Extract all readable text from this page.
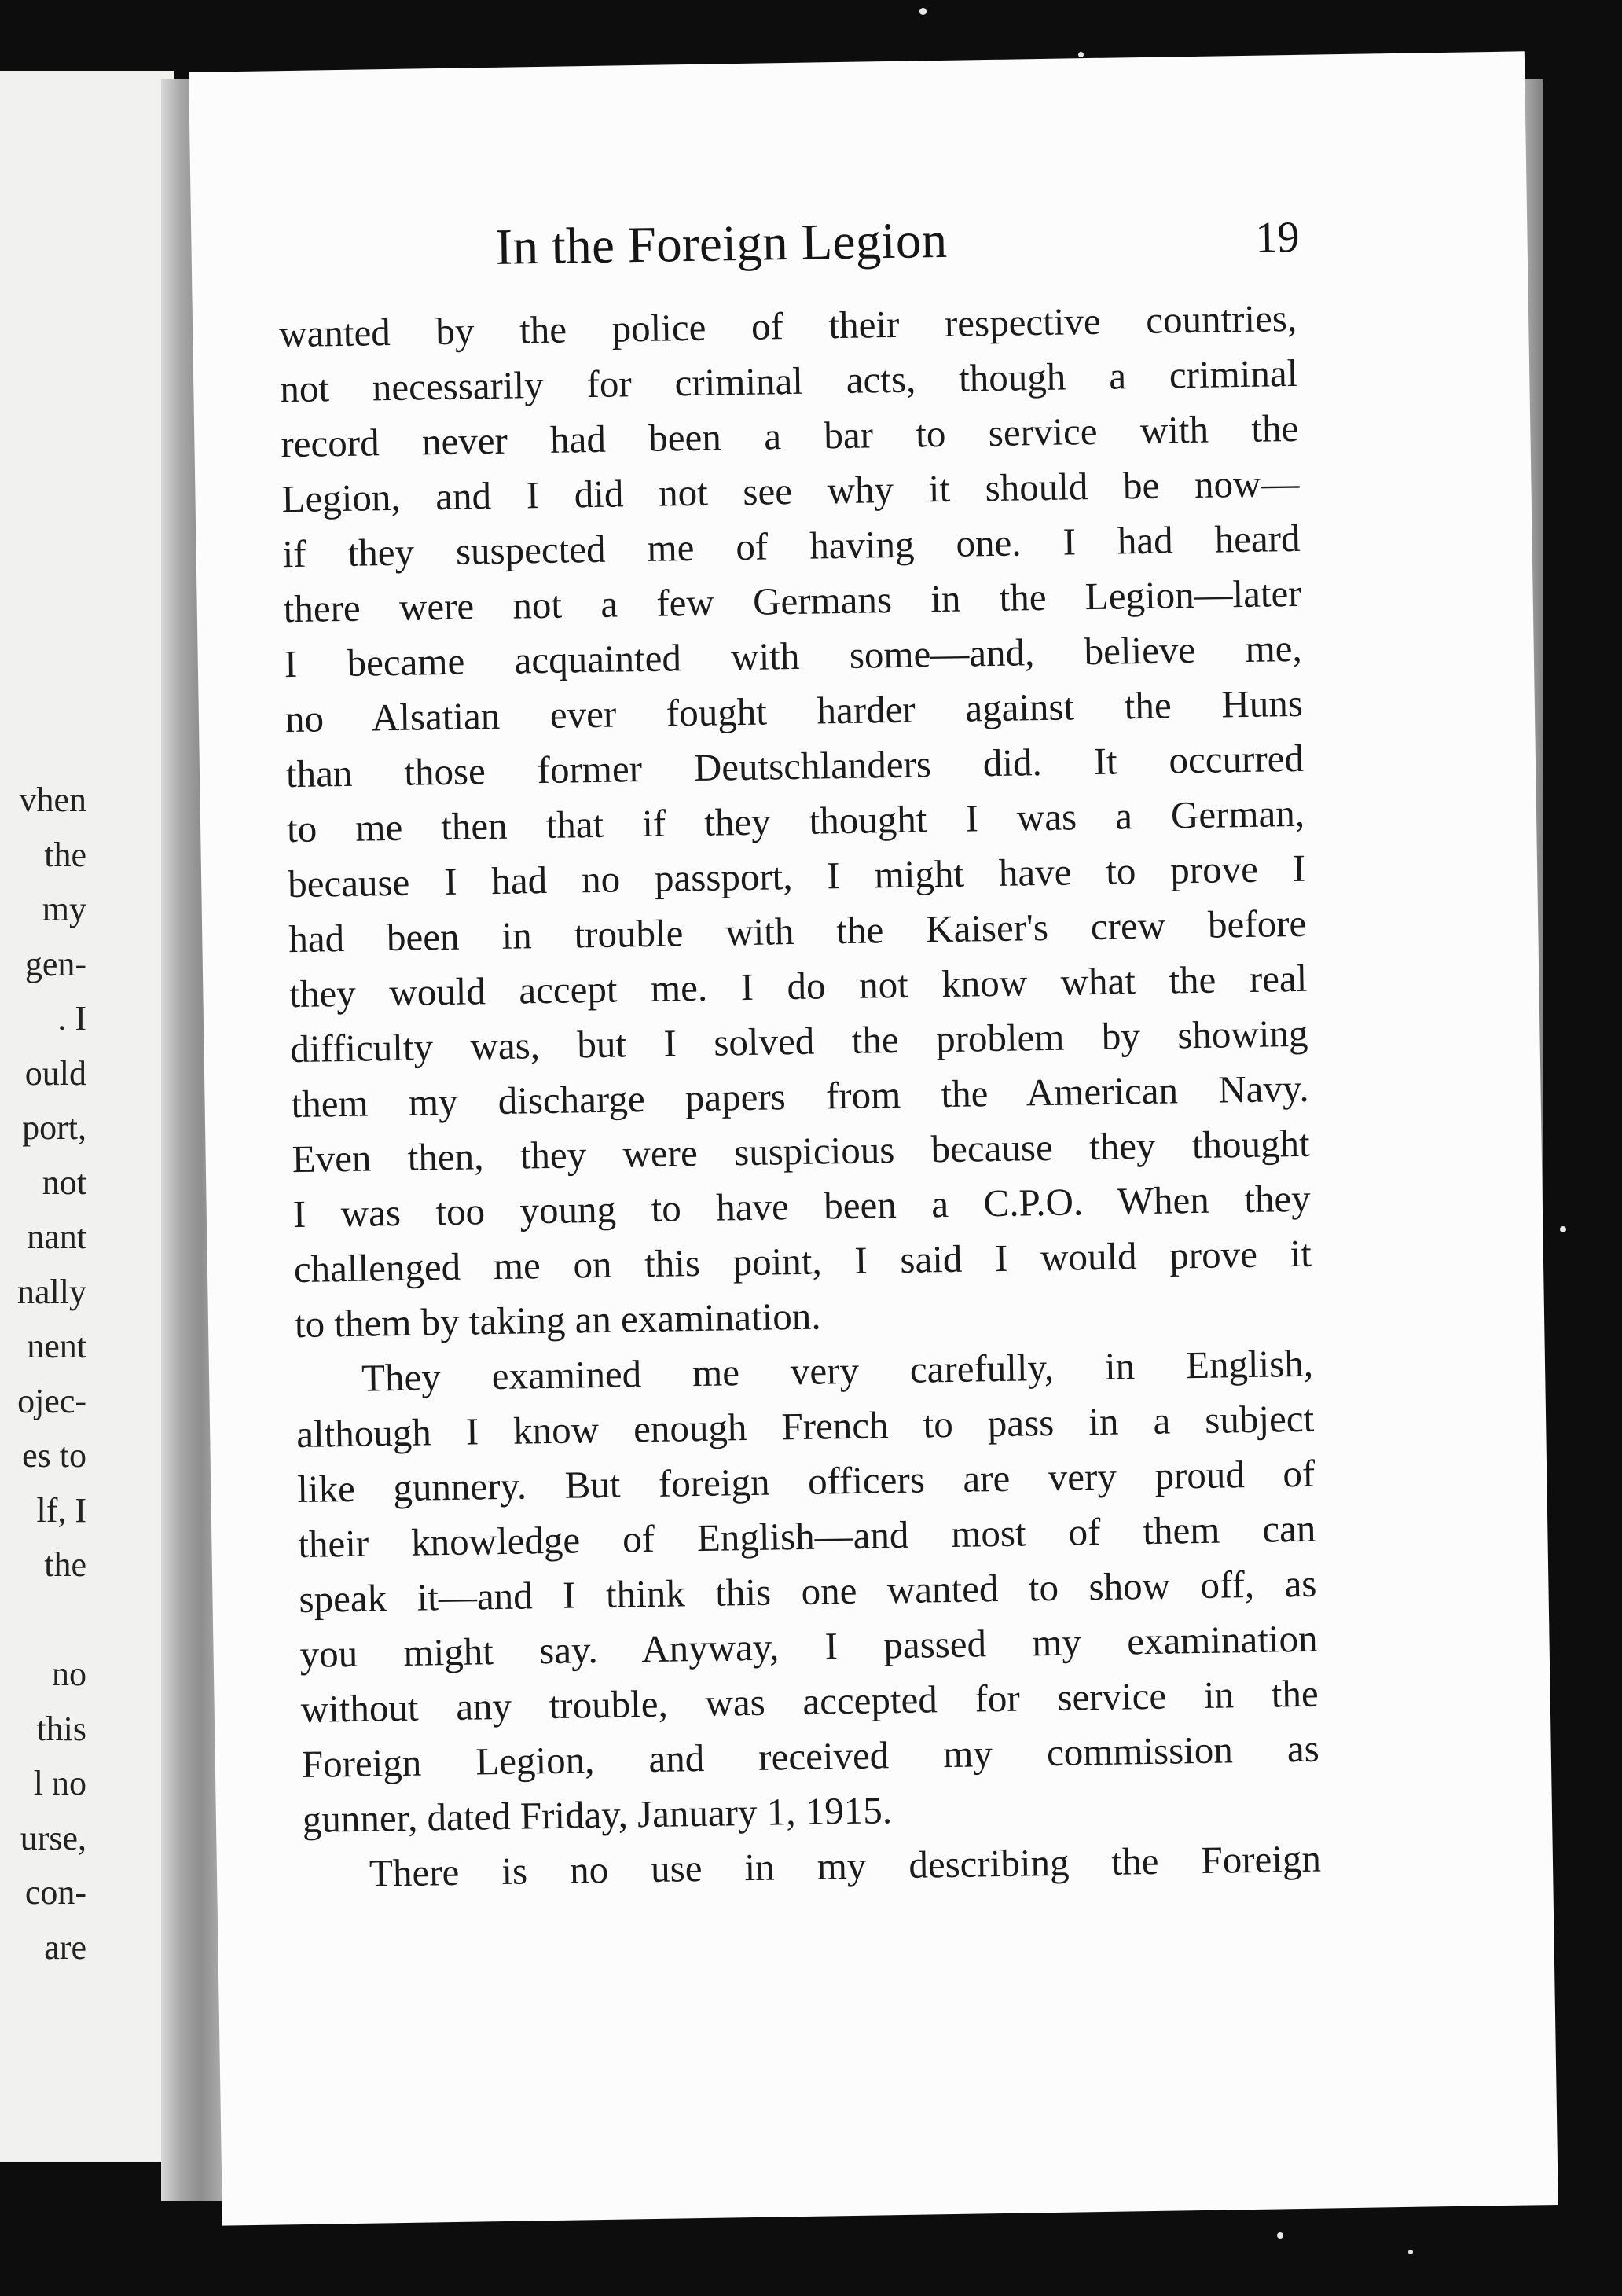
vhen
the
my
gen-
. I
ould
port,
not
nant
nally
nent
ojec-
es to
lf, I
the
no
this
l no
urse,
con-
are
In the Foreign Legion	19
wanted by the police of their respective countries,
not necessarily for criminal acts, though a criminal
record never had been a bar to service with the
Legion, and I did not see why it should be now—
if they suspected me of having one. I had heard
there were not a few Germans in the Legion—later
I became acquainted with some—and, believe me,
no Alsatian ever fought harder against the Huns
than those former Deutschlanders did. It occurred
to me then that if they thought I was a German,
because I had no passport, I might have to prove I
had been in trouble with the Kaiser's crew before
they would accept me. I do not know what the real
difficulty was, but I solved the problem by showing
them my discharge papers from the American Navy.
Even then, they were suspicious because they thought
I was too young to have been a C.P.O. When they
challenged me on this point, I said I would prove it
to them by taking an examination.
They examined me very carefully, in English,
although I know enough French to pass in a subject
like gunnery. But foreign officers are very proud of
their knowledge of English—and most of them can
speak it—and I think this one wanted to show off, as
you might say. Anyway, I passed my examination
without any trouble, was accepted for service in the
Foreign Legion, and received my commission as
gunner, dated Friday, January 1, 1915.
There is no use in my describing the Foreign
